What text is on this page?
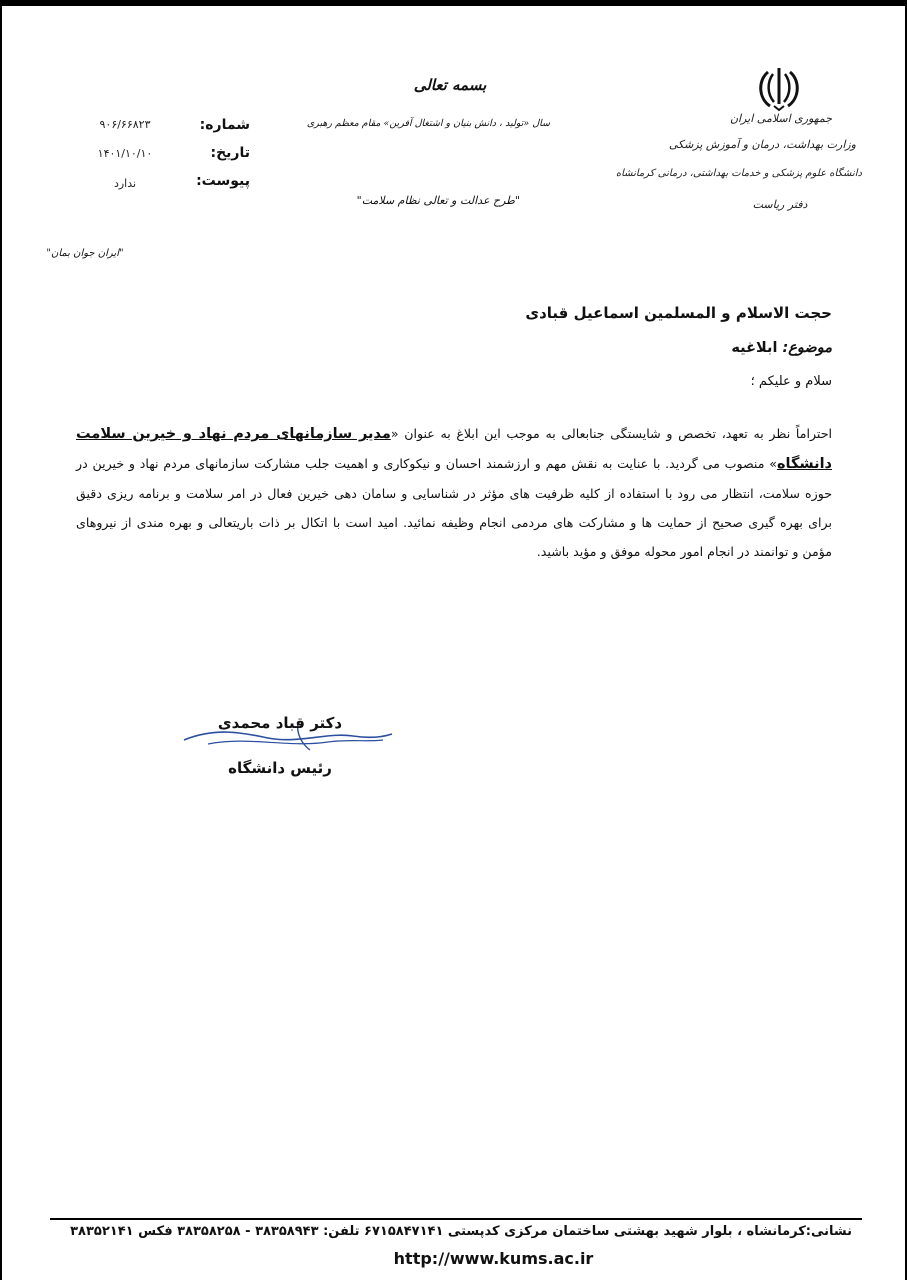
جمهوری اسلامی ایران
وزارت بهداشت، درمان و آموزش پزشکی
دانشگاه علوم پزشکی و خدمات بهداشتی، درمانی کرمانشاه
دفتر ریاست
بسمه تعالی
سال «تولید ، دانش بنیان و اشتغال آفرین» مقام معظم رهبری
"طرح عدالت و تعالی نظام سلامت"
"ایران جوان بمان"
شماره:
۹۰۶/۶۶۸۲۳
تاریخ:
۱۴۰۱/۱۰/۱۰
پیوست:
ندارد
حجت الاسلام و المسلمین اسماعیل قبادی
موضوع: ابلاغیه
سلام و علیکم ؛
احتراماً نظر به تعهد، تخصص و شایستگی جنابعالی به موجب این ابلاغ به عنوان «مدیر سازمانهای مردم نهاد و خیرین سلامت دانشگاه» منصوب می گردید. با عنایت به نقش مهم و ارزشمند احسان و نیکوکاری و اهمیت جلب مشارکت سازمانهای مردم نهاد و خیرین در حوزه سلامت، انتظار می رود با استفاده از کلیه ظرفیت های مؤثر در شناسایی و سامان دهی خیرین فعال در امر سلامت و برنامه ریزی دقیق برای بهره گیری صحیح از حمایت ها و مشارکت های مردمی انجام وظیفه نمائید. امید است با اتکال بر ذات باریتعالی و بهره مندی از نیروهای مؤمن و توانمند در انجام امور محوله موفق و مؤید باشید.
دکتر قباد محمدی
رئیس دانشگاه
نشانی:کرمانشاه ، بلوار شهید بهشتی ساختمان مرکزی کدپستی ۶۷۱۵۸۴۷۱۴۱ تلفن: ۳۸۳۵۸۹۴۳ - ۳۸۳۵۸۲۵۸ فکس ۳۸۳۵۲۱۴۱
http://www.kums.ac.ir
